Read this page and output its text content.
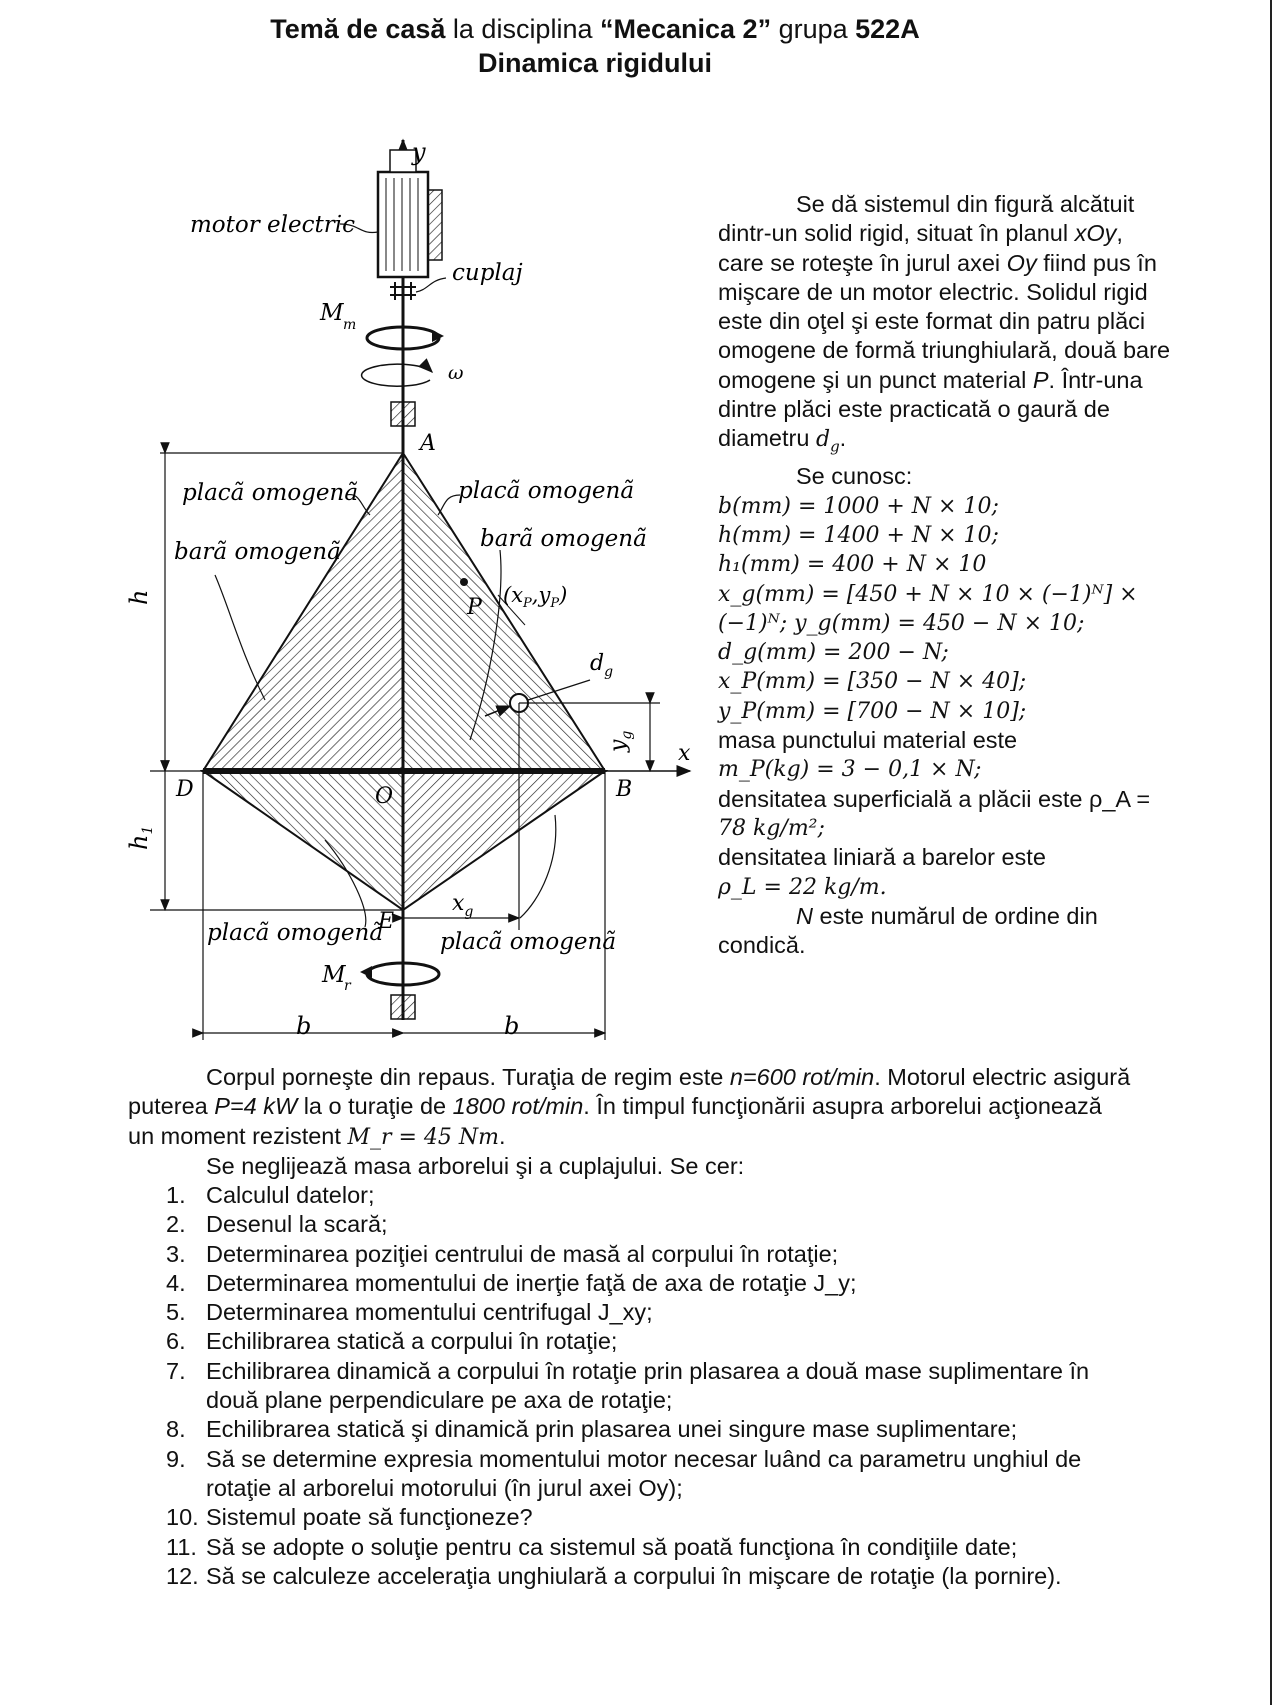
Temă de casă la disciplina “Mecanica 2” grupa 522A
Dinamica rigidului
y
x
motor electric
cuplaj
M m
ω
A
D	B
O
E
P
placã omogenã	placã omogenã
barã omogenã	barã omogenã
$(x_P,y_P)$
h
$h_1$
b	b
$d_g$
$x_g$
$y_g$
placã omogenã placã omogenã
M
r
Se dă sistemul din figură alcătuit
dintr-un solid rigid, situat în planul xOy,
care se roteşte în jurul axei Oy fiind pus în
mişcare de un motor electric. Solidul rigid
este din oţel şi este format din patru plăci
omogene de formă triunghiulară, două bare
omogene şi un punct material P. Într-una
dintre plăci este practicată o gaură de
diametru $d_g$.
Se cunosc:
b(mm) = 1000 + N × 10;
h(mm) = 1400 + N × 10;
h₁(mm) = 400 + N × 10
x_g(mm) = [450 + N × 10 × (−1)ᴺ] ×
(−1)ᴺ; y_g(mm) = 450 − N × 10;
d_g(mm) = 200 − N;
x_P(mm) = [350 − N × 40];
y_P(mm) = [700 − N × 10];
masa punctului material este
m_P(kg) = 3 − 0,1 × N;
densitatea superficială a plăcii este ρ_A =
78 kg/m²;
densitatea liniară a barelor este
ρ_L = 22 kg/m.
N este numărul de ordine din
condică.
Corpul porneşte din repaus. Turaţia de regim este n=600 rot/min. Motorul electric asigură
puterea P=4 kW la o turaţie de 1800 rot/min. În timpul funcţionării asupra arborelui acţionează
un moment rezistent M_r = 45 Nm.
Se neglijează masa arborelui şi a cuplajului. Se cer:
1. Calculul datelor;
2. Desenul la scară;
3. Determinarea poziţiei centrului de masă al corpului în rotaţie;
4. Determinarea momentului de inerţie faţă de axa de rotaţie J_y;
5. Determinarea momentului centrifugal J_xy;
6. Echilibrarea statică a corpului în rotaţie;
7. Echilibrarea dinamică a corpului în rotaţie prin plasarea a două mase suplimentare în
două plane perpendiculare pe axa de rotaţie;
8. Echilibrarea statică şi dinamică prin plasarea unei singure mase suplimentare;
9. Să se determine expresia momentului motor necesar luând ca parametru unghiul de
rotaţie al arborelui motorului (în jurul axei Oy);
10. Sistemul poate să funcţioneze?
11. Să se adopte o soluţie pentru ca sistemul să poată funcţiona în condiţiile date;
12. Să se calculeze acceleraţia unghiulară a corpului în mişcare de rotaţie (la pornire).
